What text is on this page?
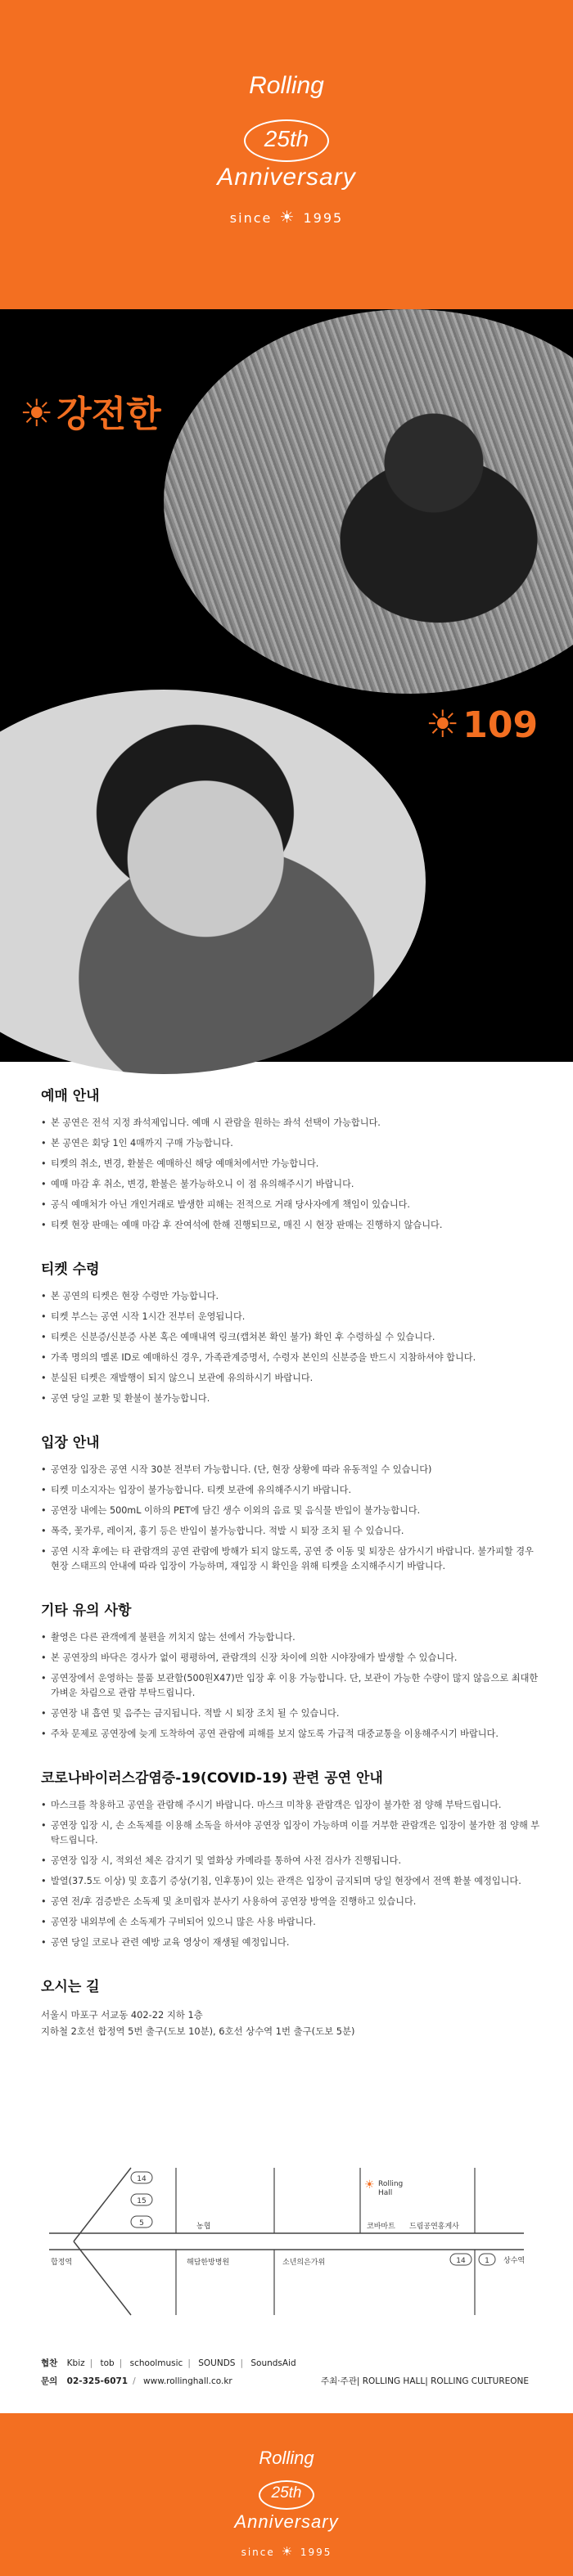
Rolling
25th
Anniversary
since ☀ 1995
☀강전한
☀109
예매 안내
• 본 공연은 전석 지정 좌석제입니다. 예매 시 관람을 원하는 좌석 선택이 가능합니다.
• 본 공연은 회당 1인 4매까지 구매 가능합니다.
• 티켓의 취소, 변경, 환불은 예매하신 해당 예매처에서만 가능합니다.
• 예매 마감 후 취소, 변경, 환불은 불가능하오니 이 점 유의해주시기 바랍니다.
• 공식 예매처가 아닌 개인거래로 발생한 피해는 전적으로 거래 당사자에게 책임이 있습니다.
• 티켓 현장 판매는 예매 마감 후 잔여석에 한해 진행되므로, 매진 시 현장 판매는 진행하지 않습니다.
티켓 수령
• 본 공연의 티켓은 현장 수령만 가능합니다.
• 티켓 부스는 공연 시작 1시간 전부터 운영됩니다.
• 티켓은 신분증/신분증 사본 혹은 예매내역 링크(캡쳐본 확인 불가) 확인 후 수령하실 수 있습니다.
• 가족 명의의 멜론 ID로 예매하신 경우, 가족관계증명서, 수령자 본인의 신분증을 반드시 지참하셔야 합니다.
• 분실된 티켓은 재발행이 되지 않으니 보관에 유의하시기 바랍니다.
• 공연 당일 교환 및 환불이 불가능합니다.
입장 안내
• 공연장 입장은 공연 시작 30분 전부터 가능합니다. (단, 현장 상황에 따라 유동적일 수 있습니다)
• 티켓 미소지자는 입장이 불가능합니다. 티켓 보관에 유의해주시기 바랍니다.
• 공연장 내에는 500mL 이하의 PET에 담긴 생수 이외의 음료 및 음식물 반입이 불가능합니다.
• 폭죽, 꽃가루, 레이저, 흉기 등은 반입이 불가능합니다. 적발 시 퇴장 조치 될 수 있습니다.
• 공연 시작 후에는 타 관람객의 공연 관람에 방해가 되지 않도록, 공연 중 이동 및 퇴장은 삼가시기 바랍니다. 불가피할 경우 현장 스태프의 안내에 따라 입장이 가능하며, 재입장 시 확인을 위해 티켓을 소지해주시기 바랍니다.
기타 유의 사항
• 촬영은 다른 관객에게 불편을 끼치지 않는 선에서 가능합니다.
• 본 공연장의 바닥은 경사가 없이 평평하여, 관람객의 신장 차이에 의한 시야장애가 발생할 수 있습니다.
• 공연장에서 운영하는 물품 보관함(500원X47)만 입장 후 이용 가능합니다. 단, 보관이 가능한 수량이 많지 않음으로 최대한 가벼운 차림으로 관람 부탁드립니다.
• 공연장 내 흡연 및 음주는 금지됩니다. 적발 시 퇴장 조치 될 수 있습니다.
• 주차 문제로 공연장에 늦게 도착하여 공연 관람에 피해를 보지 않도록 가급적 대중교통을 이용해주시기 바랍니다.
코로나바이러스감염증-19(COVID-19) 관련 공연 안내
• 마스크를 착용하고 공연을 관람해 주시기 바랍니다. 마스크 미착용 관람객은 입장이 불가한 점 양해 부탁드립니다.
• 공연장 입장 시, 손 소독제를 이용해 소독을 하셔야 공연장 입장이 가능하며 이를 거부한 관람객은 입장이 불가한 점 양해 부탁드립니다.
• 공연장 입장 시, 적외선 체온 감지기 및 열화상 카메라를 통하여 사전 검사가 진행됩니다.
• 발열(37.5도 이상) 및 호흡기 증상(기침, 인후통)이 있는 관객은 입장이 금지되며 당일 현장에서 전액 환불 예정입니다.
• 공연 전/후 검증받은 소독제 및 초미립자 분사기 사용하여 공연장 방역을 진행하고 있습니다.
• 공연장 내외부에 손 소독제가 구비되어 있으니 많은 사용 바랍니다.
• 공연 당일 코로나 관련 예방 교육 영상이 재생될 예정입니다.
오시는 길
서울시 마포구 서교동 402-22 지하 1층
지하철 2호선 합정역 5번 출구(도보 10분), 6호선 상수역 1번 출구(도보 5분)
14
15
5
14	1
합정역	상수역
농협	코바마트 드림공연홍게사
해담한방병원	소년의은가위
☀ Rolling
Hall
협찬 Kbiz | tob | schoolmusic | SOUNDS | SoundsAid
문의 02-325-6071 / www.rollinghall.co.kr	주최·주관| ROLLING HALL| ROLLING CULTUREONE
Rolling
25th
Anniversary
since ☀ 1995
